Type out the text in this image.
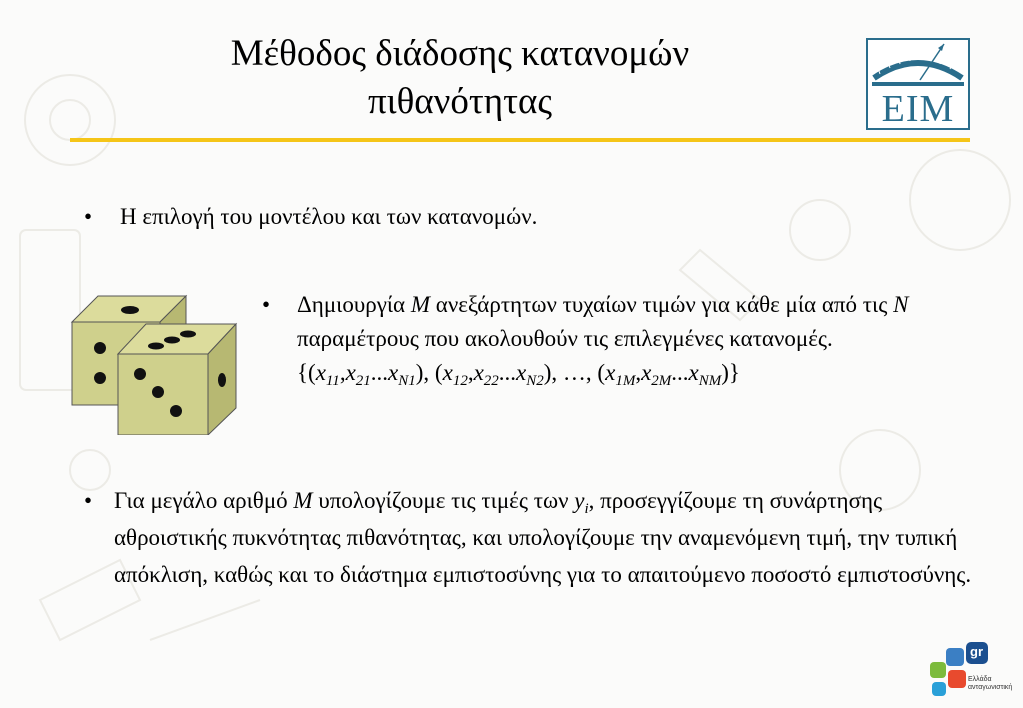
Μέθοδος διάδοσης κατανομών
πιθανότητας	EIM
• Η επιλογή του μοντέλου και των κατανομών.
•	Δημιουργία M ανεξάρτητων τυχαίων τιμών για κάθε μία από τις N παραμέτρους που ακολουθούν τις επιλεγμένες κατανομές.
{$(x_{11},x_{21}...x_{N1})$, $(x_{12},x_{22}...x_{N2})$, …, $(x_{1M},x_{2M}...x_{NM})$}
• Για μεγάλο αριθμό M υπολογίζουμε τις τιμές των $y_i$, προσεγγίζουμε τη συνάρτησης αθροιστικής πυκνότητας πιθανότητας, και υπολογίζουμε την αναμενόμενη τιμή, την τυπική απόκλιση, καθώς και το διάστημα εμπιστοσύνης για το απαιτούμενο ποσοστό εμπιστοσύνης.
gr
Ελλάδα
ανταγωνιστική
